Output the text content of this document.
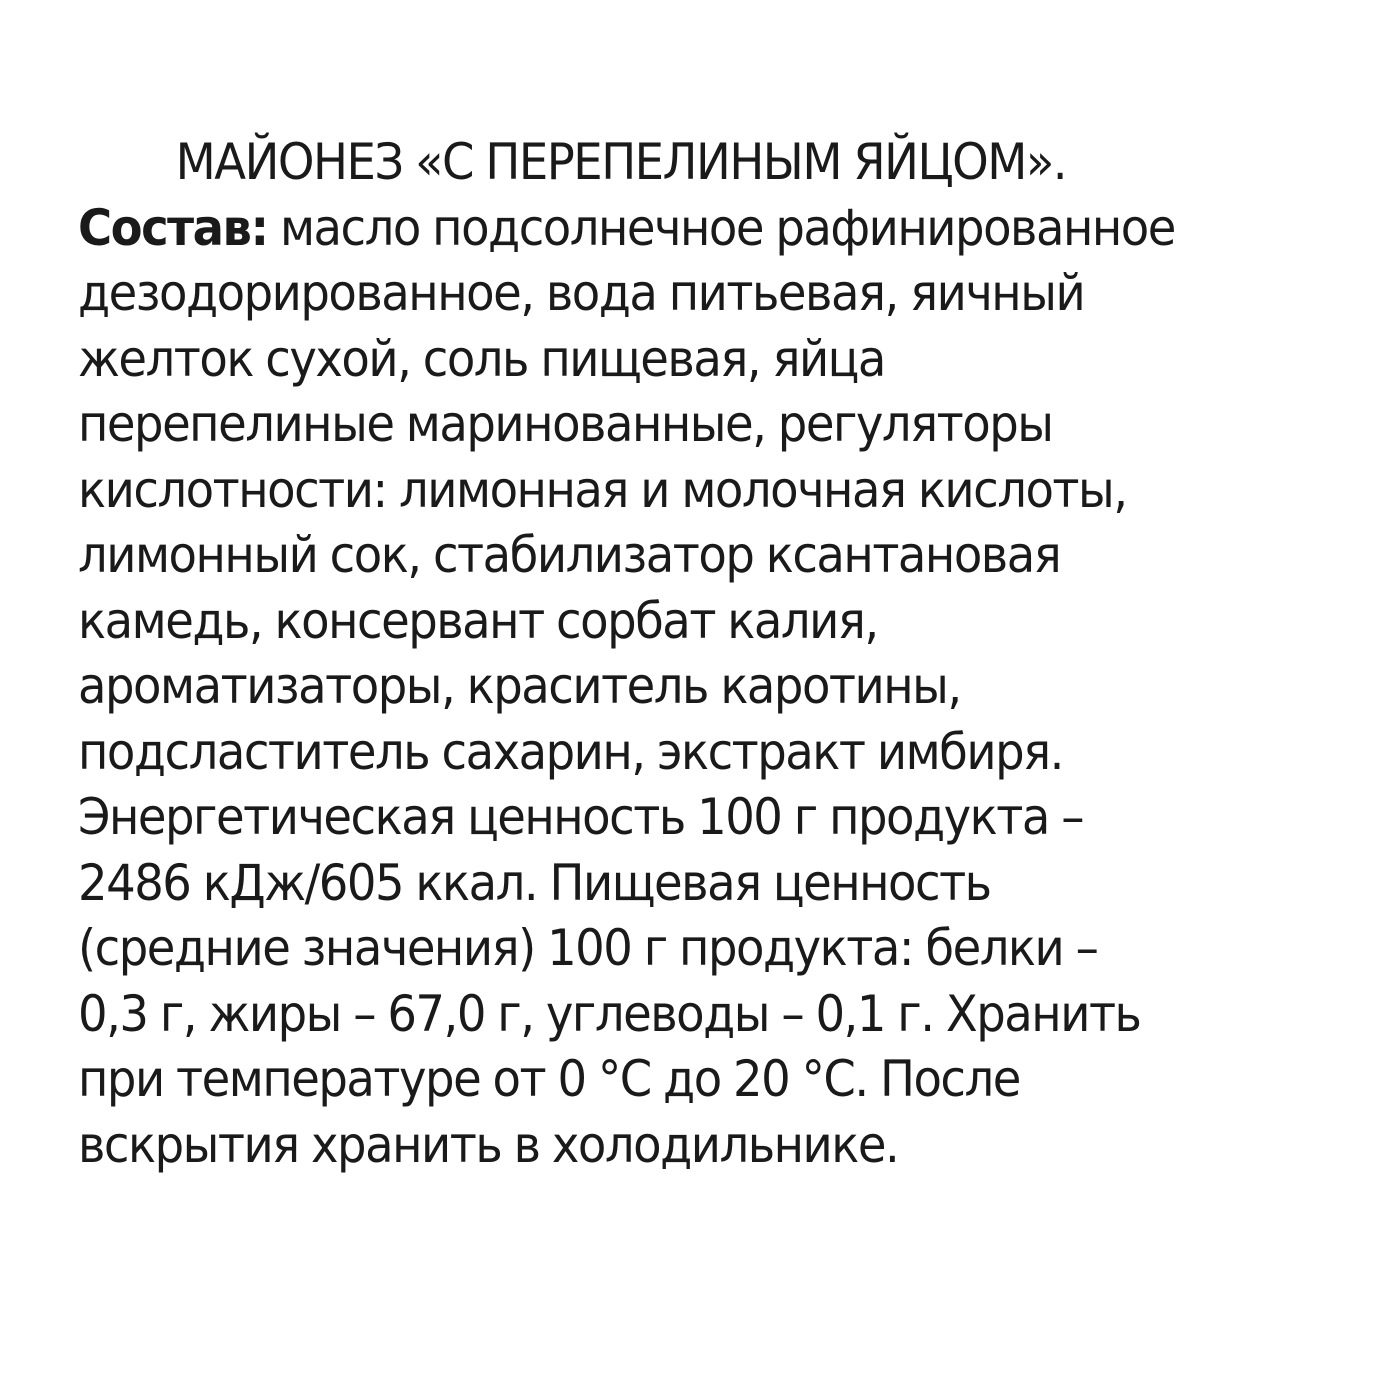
МАЙОНЕЗ «С ПЕРЕПЕЛИНЫМ ЯЙЦОМ».
Состав: масло подсолнечное рафинированное
дезодорированное, вода питьевая, яичный
желток сухой, соль пищевая, яйца
перепелиные маринованные, регуляторы
кислотности: лимонная и молочная кислоты,
лимонный сок, стабилизатор ксантановая
камедь, консервант сорбат калия,
ароматизаторы, краситель каротины,
подсластитель сахарин, экстракт имбиря.
Энергетическая ценность 100 г продукта –
2486 кДж/605 ккал. Пищевая ценность
(средние значения) 100 г продукта: белки –
0,3 г, жиры – 67,0 г, углеводы – 0,1 г. Хранить
при температуре от 0 °С до 20 °С. После
вскрытия хранить в холодильнике.
